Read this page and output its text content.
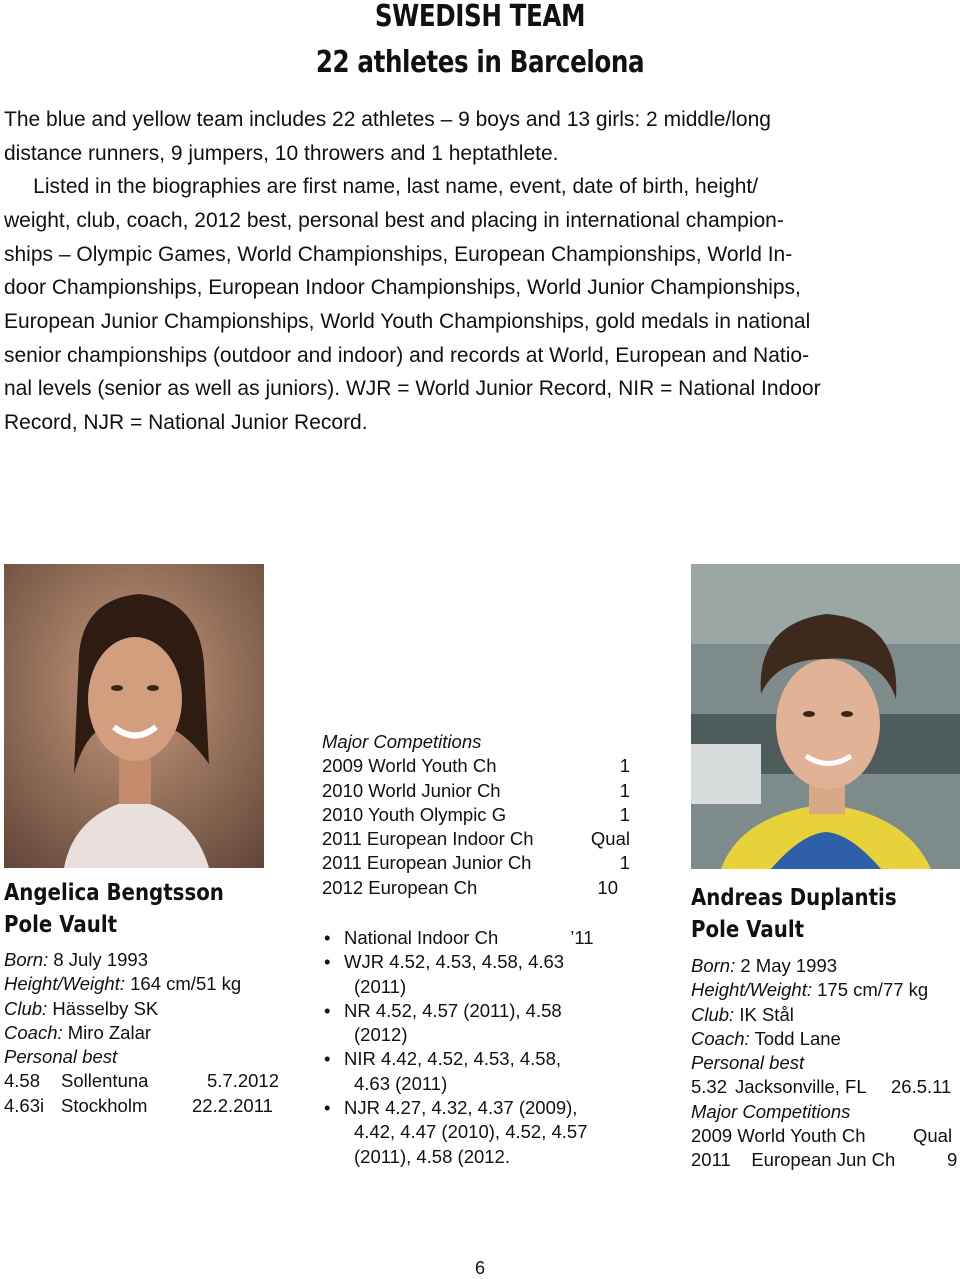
SWEDISH TEAM
22 athletes in Barcelona
The blue and yellow team includes 22 athletes – 9 boys and 13 girls: 2 middle/long
distance runners, 9 jumpers, 10 throwers and 1 heptathlete.
Listed in the biographies are first name, last name, event, date of birth, height/
weight, club, coach, 2012 best, personal best and placing in international champion-
ships – Olympic Games, World Championships, European Championships, World In-
door Championships, European Indoor Championships, World Junior Championships,
European Junior Championships, World Youth Championships, gold medals in national
senior championships (outdoor and indoor) and records at World, European and Natio-
nal levels (senior as well as juniors). WJR = World Junior Record, NIR = National Indoor
Record, NJR = National Junior Record.
Angelica Bengtsson
Pole Vault
Born: 8 July 1993
Height/Weight: 164 cm/51 kg
Club: Hässelby SK
Coach: Miro Zalar
Personal best
4.58 Sollentuna	5.7.2012
4.63i Stockholm 22.2.2011
Major Competitions
2009 World Youth Ch	1
2010 World Junior Ch	1
2010 Youth Olympic G	1
2011 European Indoor Ch	Qual
2011 European Junior Ch	1
2012 European Ch	10
• National Indoor Ch              ’11
• WJR 4.52, 4.53, 4.58, 4.63
(2011)
• NR 4.52, 4.57 (2011), 4.58
(2012)
• NIR 4.42, 4.52, 4.53, 4.58,
4.63 (2011)
• NJR 4.27, 4.32, 4.37 (2009),
4.42, 4.47 (2010), 4.52, 4.57
(2011), 4.58 (2012.
Andreas Duplantis
Pole Vault
Born: 2 May 1993
Height/Weight: 175 cm/77 kg
Club: IK Stål
Coach: Todd Lane
Personal best
5.32 Jacksonville, FL 26.5.11
Major Competitions
2009 World Youth Ch	Qual
2011    European Jun Ch	9
6
